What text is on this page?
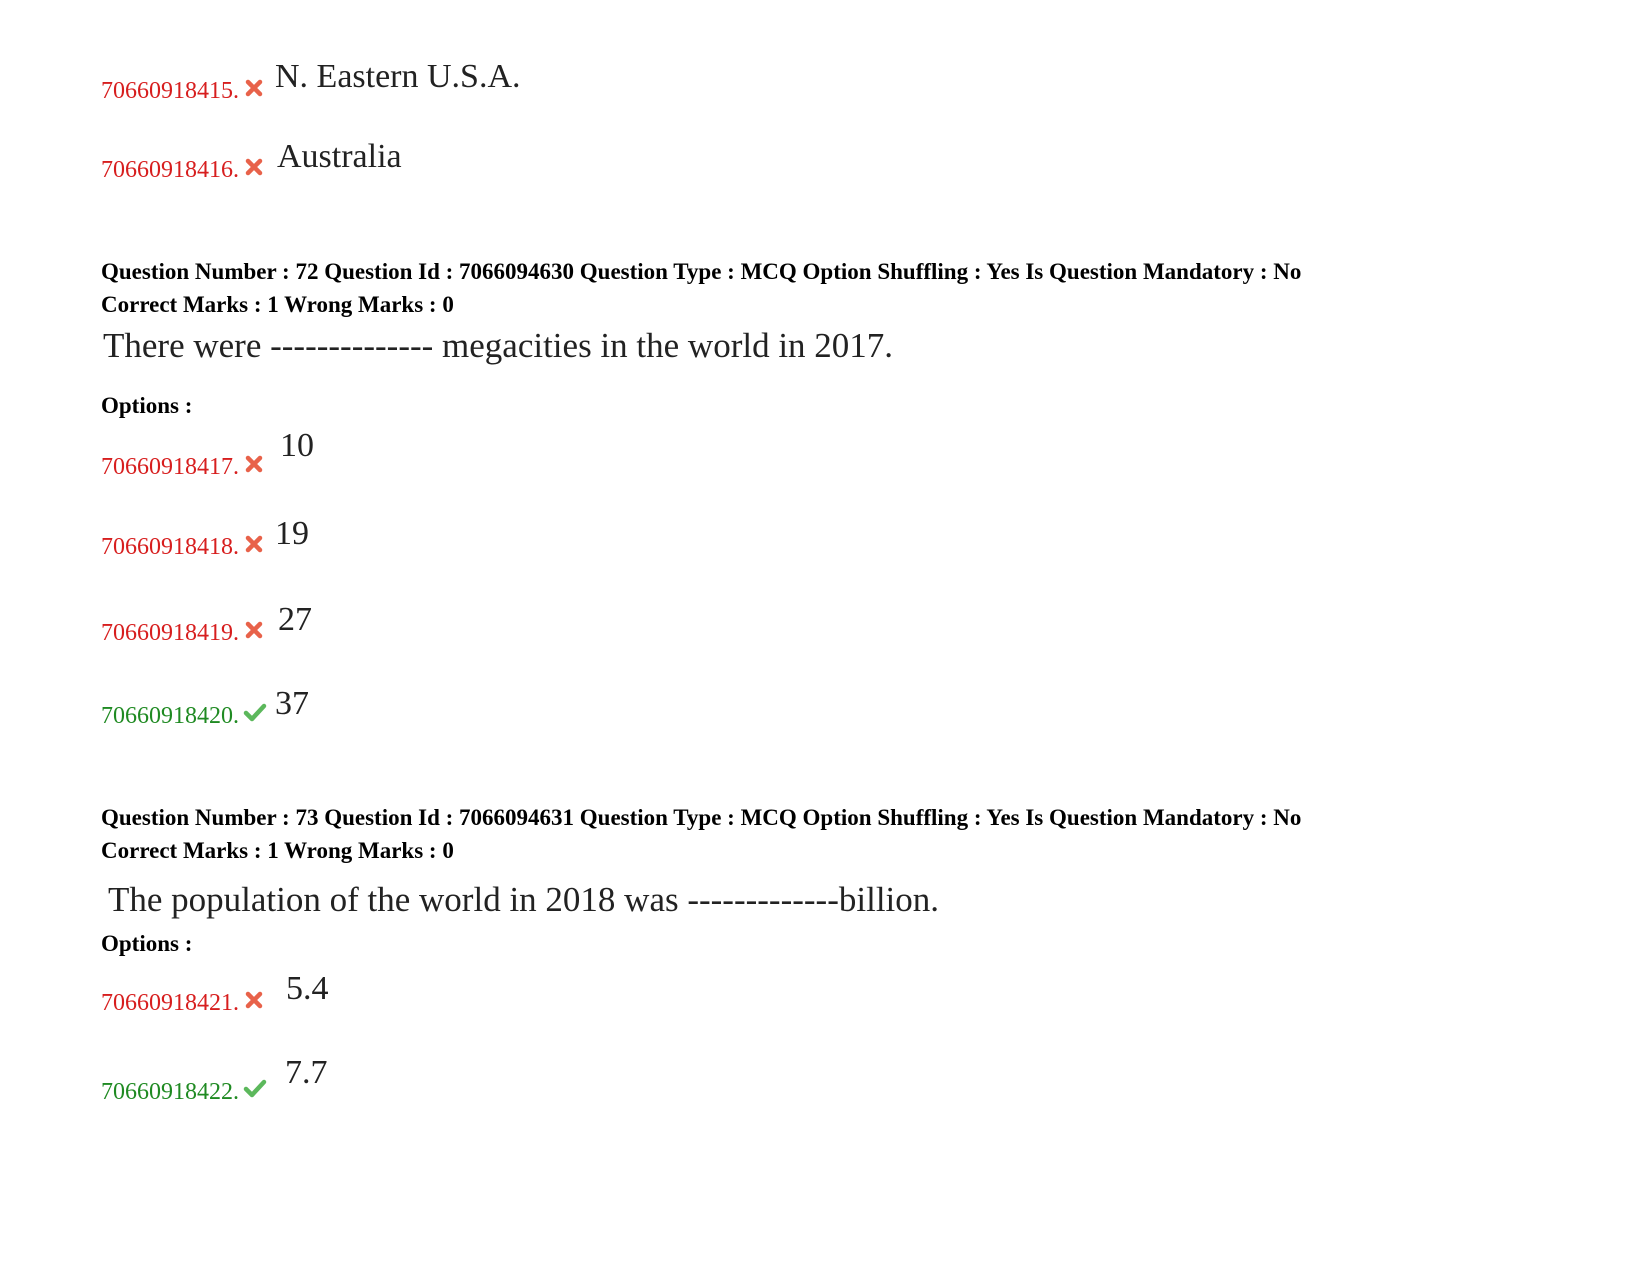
70660918415. N. Eastern U.S.A.
70660918416. Australia
Question Number : 72 Question Id : 7066094630 Question Type : MCQ Option Shuffling : Yes Is Question Mandatory : No
Correct Marks : 1 Wrong Marks : 0
There were -------------- megacities in the world in 2017.
Options :
70660918417.
10
70660918418. 19
70660918419. 27
70660918420. 37
Question Number : 73 Question Id : 7066094631 Question Type : MCQ Option Shuffling : Yes Is Question Mandatory : No
Correct Marks : 1 Wrong Marks : 0
The population of the world in 2018 was -------------billion.
Options :
70660918421. 5.4
70660918422.
7.7
